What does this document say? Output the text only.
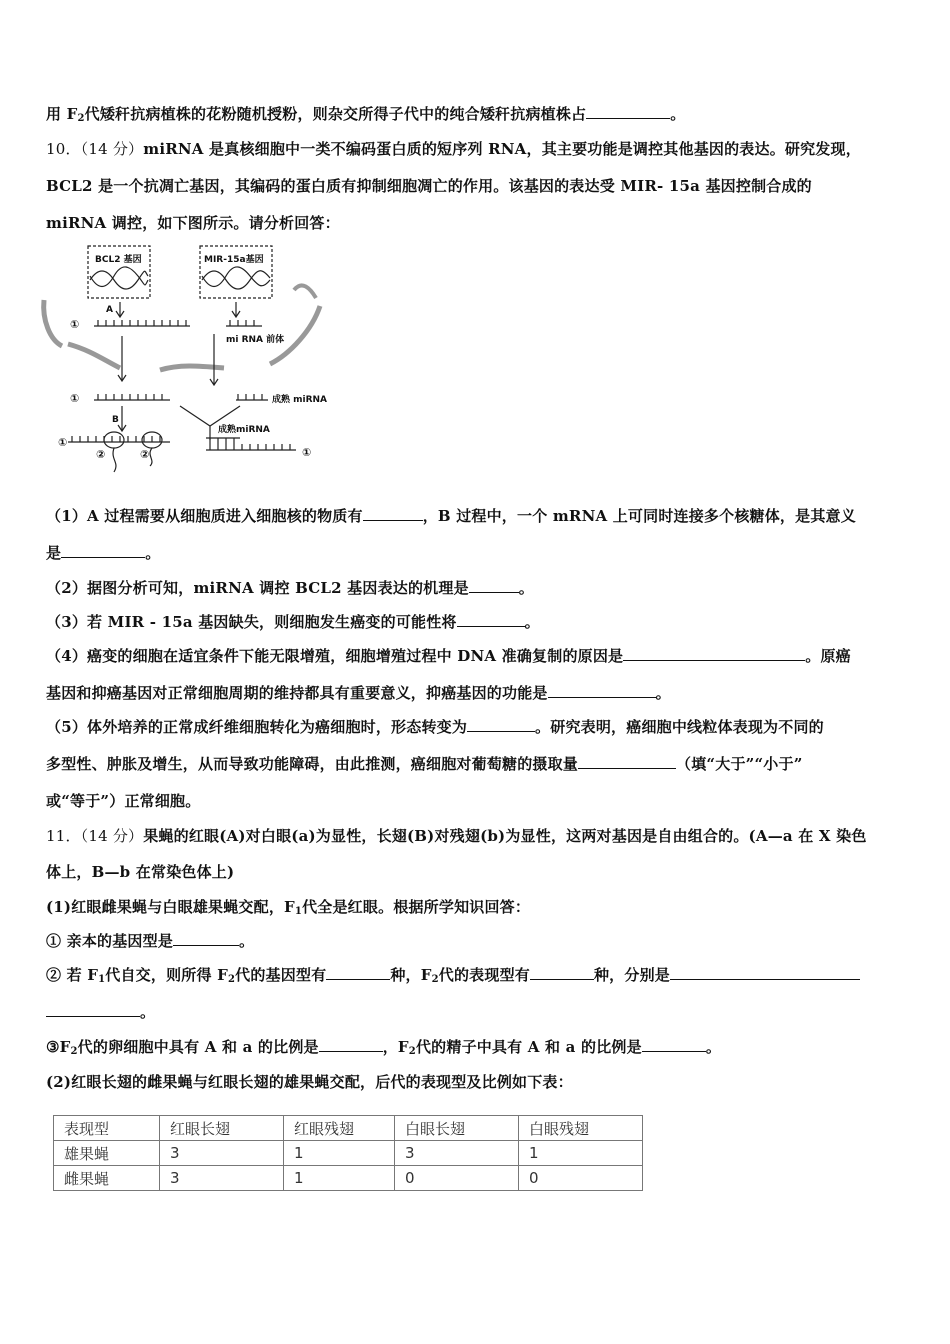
用 $F_2$代矮秆抗病植株的花粉随机授粉，则杂交所得子代中的纯合矮秆抗病植株占	。
10．（14 分）miRNA 是真核细胞中一类不编码蛋白质的短序列 RNA，其主要功能是调控其他基因的表达。研究发现，
BCL2 是一个抗凋亡基因，其编码的蛋白质有抑制细胞凋亡的作用。该基因的表达受 MIR- 15a 基因控制合成的
miRNA 调控，如下图所示。请分析回答：
BCL2 基因	MIR-15a基因
A
①
mi RNA 前体
①	成熟 miRNA
B
成熟miRNA
①
①
②	②
（1）A 过程需要从细胞质进入细胞核的物质有	，B 过程中，一个 mRNA 上可同时连接多个核糖体，是其意义
是	。
（2）据图分析可知，miRNA 调控 BCL2 基因表达的机理是	。
（3）若 MIR - 15a 基因缺失，则细胞发生癌变的可能性将	。
（4）癌变的细胞在适宜条件下能无限增殖，细胞增殖过程中 DNA 准确复制的原因是	。原癌
基因和抑癌基因对正常细胞周期的维持都具有重要意义，抑癌基因的功能是	。
（5）体外培养的正常成纤维细胞转化为癌细胞时，形态转变为	。研究表明，癌细胞中线粒体表现为不同的
多型性、肿胀及增生，从而导致功能障碍，由此推测，癌细胞对葡萄糖的摄取量	（填“大于”“小于”
或“等于”）正常细胞。
11．（14 分）果蝇的红眼(A)对白眼(a)为显性，长翅(B)对残翅(b)为显性，这两对基因是自由组合的。(A—a 在 X 染色
体上，B—b 在常染色体上)
(1)红眼雌果蝇与白眼雄果蝇交配，$F_1$代全是红眼。根据所学知识回答：
① 亲本的基因型是	。
② 若 $F_1$代自交，则所得 $F_2$代的基因型有	种，$F_2$代的表现型有	种，分别是
。
$③F_2$代的卵细胞中具有 A 和 a 的比例是	，$F_2$代的精子中具有 A 和 a 的比例是	。
(2)红眼长翅的雌果蝇与红眼长翅的雄果蝇交配，后代的表现型及比例如下表：
表现型	红眼长翅	红眼残翅	白眼长翅	白眼残翅
雄果蝇	3	1	3	1
雌果蝇	3	1	0	0
